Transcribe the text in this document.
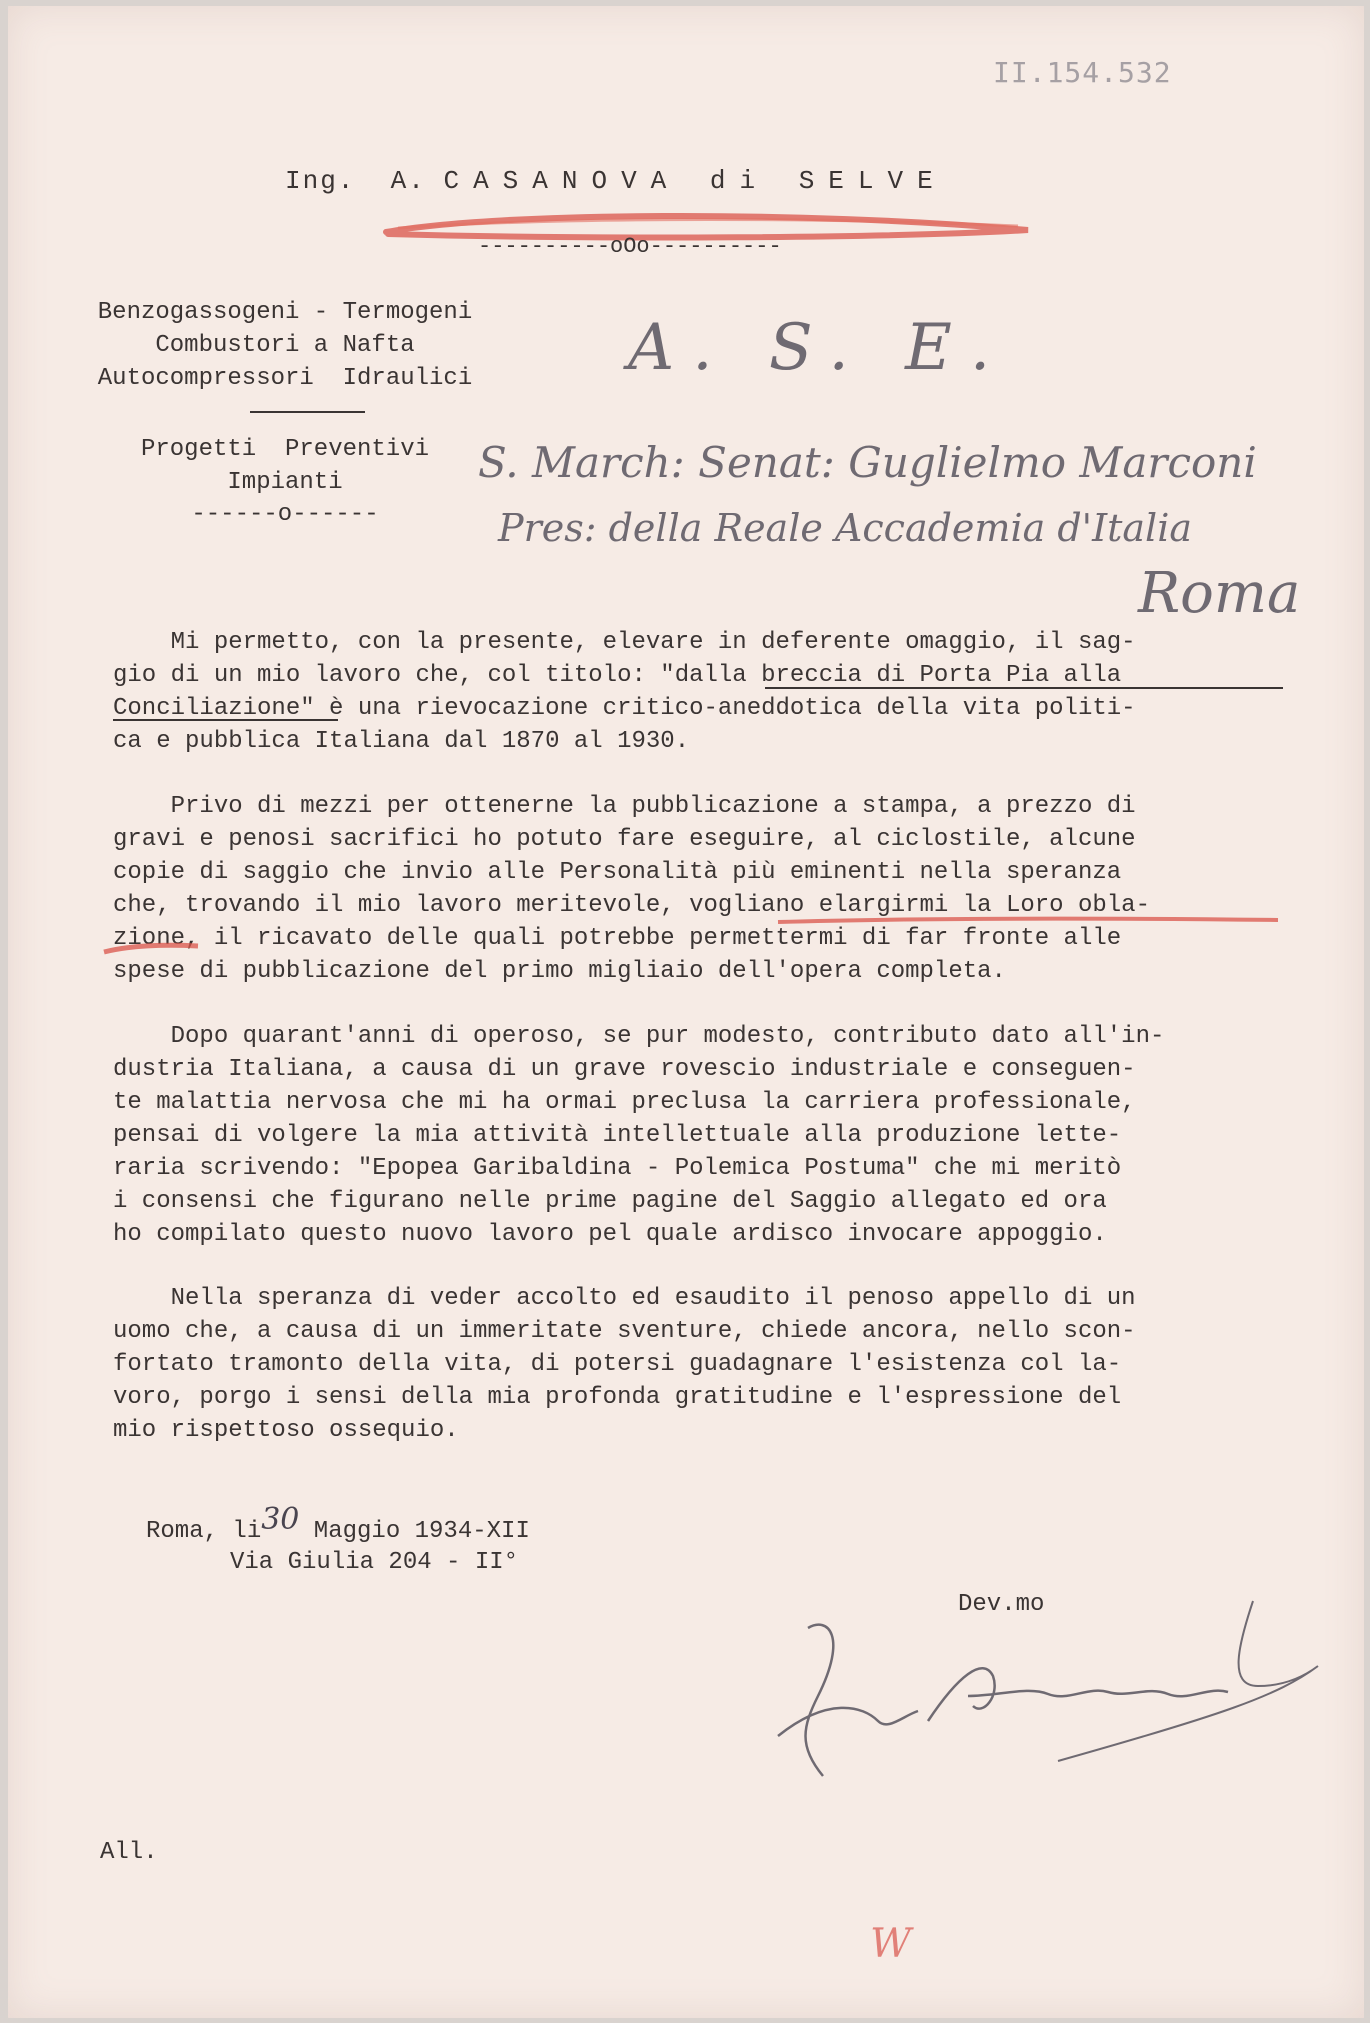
II.154.532
Ing. A. CASANOVA di SELVE
----------oOo----------
Benzogassogeni - Termogeni
Combustori a Nafta
Autocompressori  Idraulici
Progetti  Preventivi
Impianti
------o------
A. S. E.
S. March: Senat: Guglielmo Marconi
Pres: della Reale Accademia d'Italia
Roma
Mi permetto, con la presente, elevare in deferente omaggio, il sag-
gio di un mio lavoro che, col titolo: "dalla breccia di Porta Pia alla
Conciliazione" è una rievocazione critico-aneddotica della vita politi-
ca e pubblica Italiana dal 1870 al 1930.
Privo di mezzi per ottenerne la pubblicazione a stampa, a prezzo di
gravi e penosi sacrifici ho potuto fare eseguire, al ciclostile, alcune
copie di saggio che invio alle Personalità più eminenti nella speranza
che, trovando il mio lavoro meritevole, vogliano elargirmi la Loro obla-
zione, il ricavato delle quali potrebbe permettermi di far fronte alle
spese di pubblicazione del primo migliaio dell'opera completa.
Dopo quarant'anni di operoso, se pur modesto, contributo dato all'in-
dustria Italiana, a causa di un grave rovescio industriale e conseguen-
te malattia nervosa che mi ha ormai preclusa la carriera professionale,
pensai di volgere la mia attività intellettuale alla produzione lette-
raria scrivendo: "Epopea Garibaldina - Polemica Postuma" che mi meritò
i consensi che figurano nelle prime pagine del Saggio allegato ed ora
ho compilato questo nuovo lavoro pel quale ardisco invocare appoggio.
Nella speranza di veder accolto ed esaudito il penoso appello di un
uomo che, a causa di un immeritate sventure, chiede ancora, nello scon-
fortato tramonto della vita, di potersi guadagnare l'esistenza col la-
voro, porgo i sensi della mia profonda gratitudine e l'espressione del
mio rispettoso ossequio.
Roma, li30 Maggio 1934-XII
Via Giulia 204 - II°
Dev.mo
All.
W
